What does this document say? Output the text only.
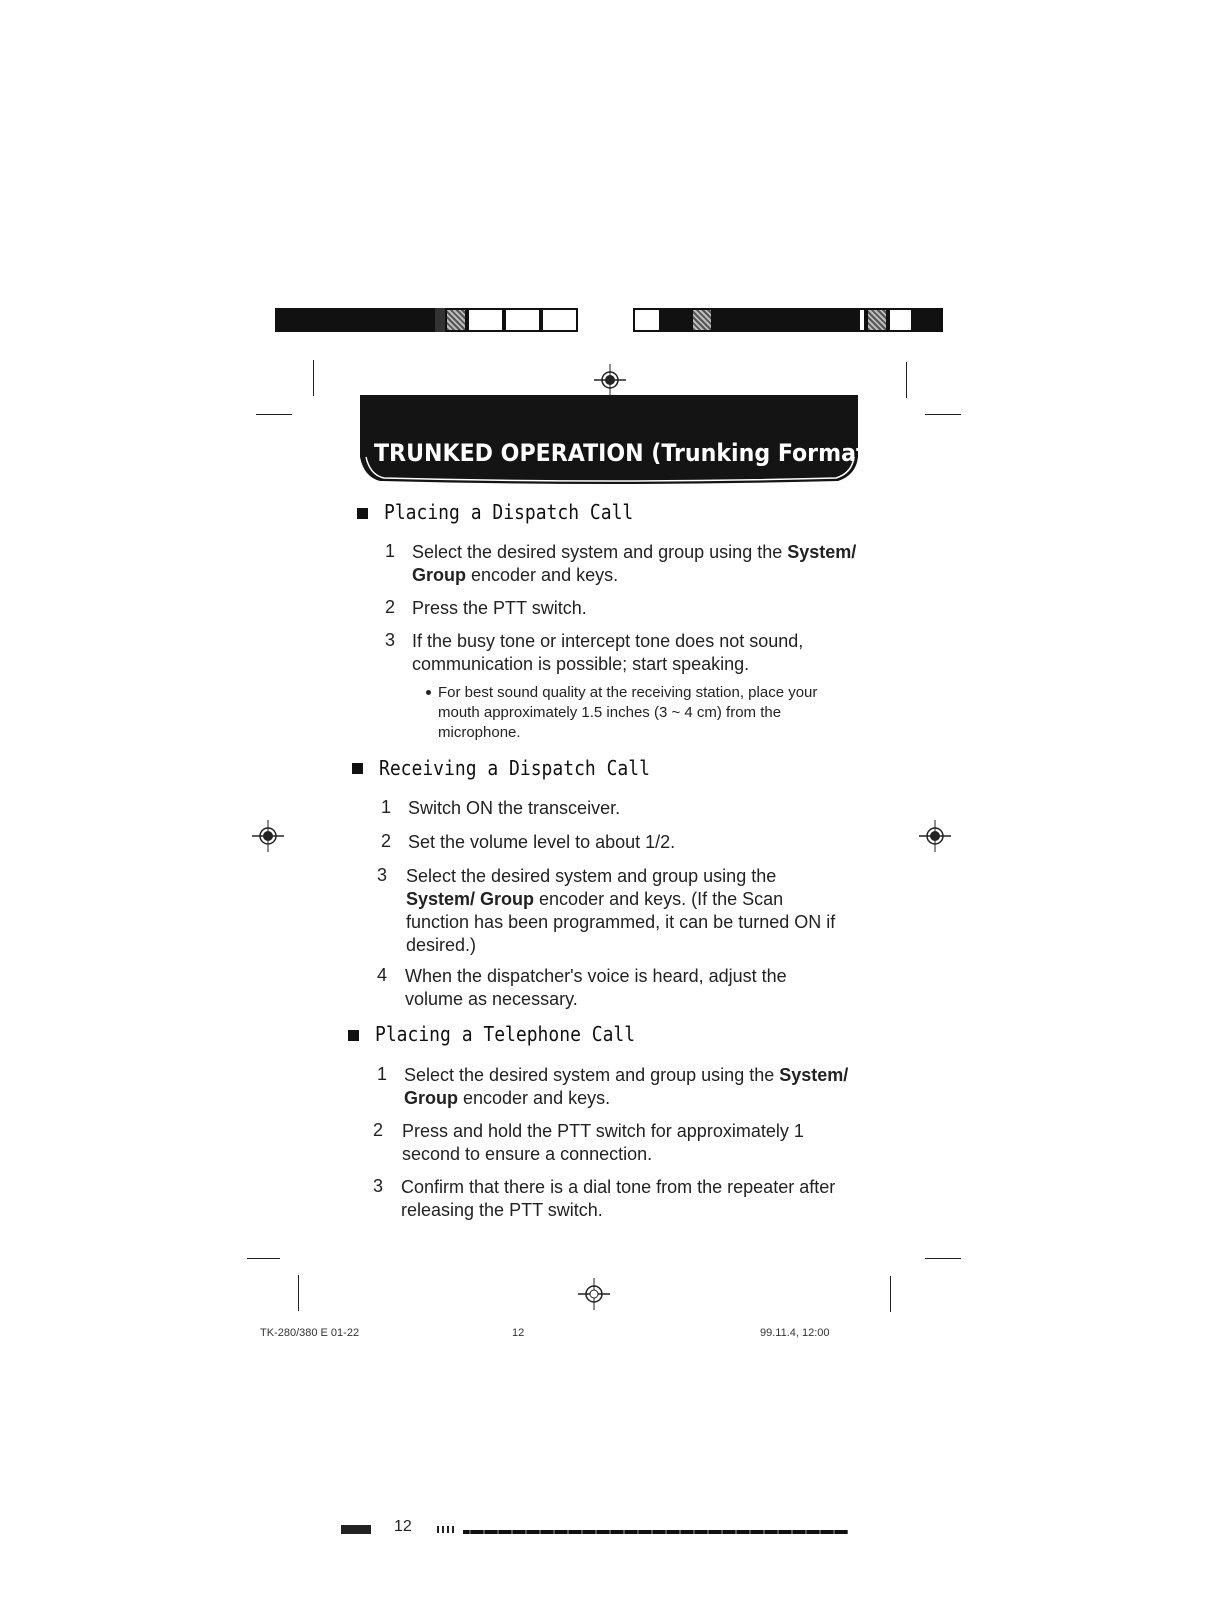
TRUNKED OPERATION (Trunking Format)
Placing a Dispatch Call
1 Select the desired system and group using the System/ Group encoder and keys.
2 Press the PTT switch.
3 If the busy tone or intercept tone does not sound, communication is possible; start speaking.
For best sound quality at the receiving station, place your mouth approximately 1.5 inches (3 ~ 4 cm) from the microphone.
Receiving a Dispatch Call
1 Switch ON the transceiver.
2 Set the volume level to about 1/2.
3 Select the desired system and group using the System/ Group encoder and keys. (If the Scan function has been programmed, it can be turned ON if desired.)
4 When the dispatcher's voice is heard, adjust the volume as necessary.
Placing a Telephone Call
1 Select the desired system and group using the System/ Group encoder and keys.
2 Press and hold the PTT switch for approximately 1 second to ensure a connection.
3 Confirm that there is a dial tone from the repeater after releasing the PTT switch.
12
TK-280/380 E 01-22	12	99.11.4, 12:00
